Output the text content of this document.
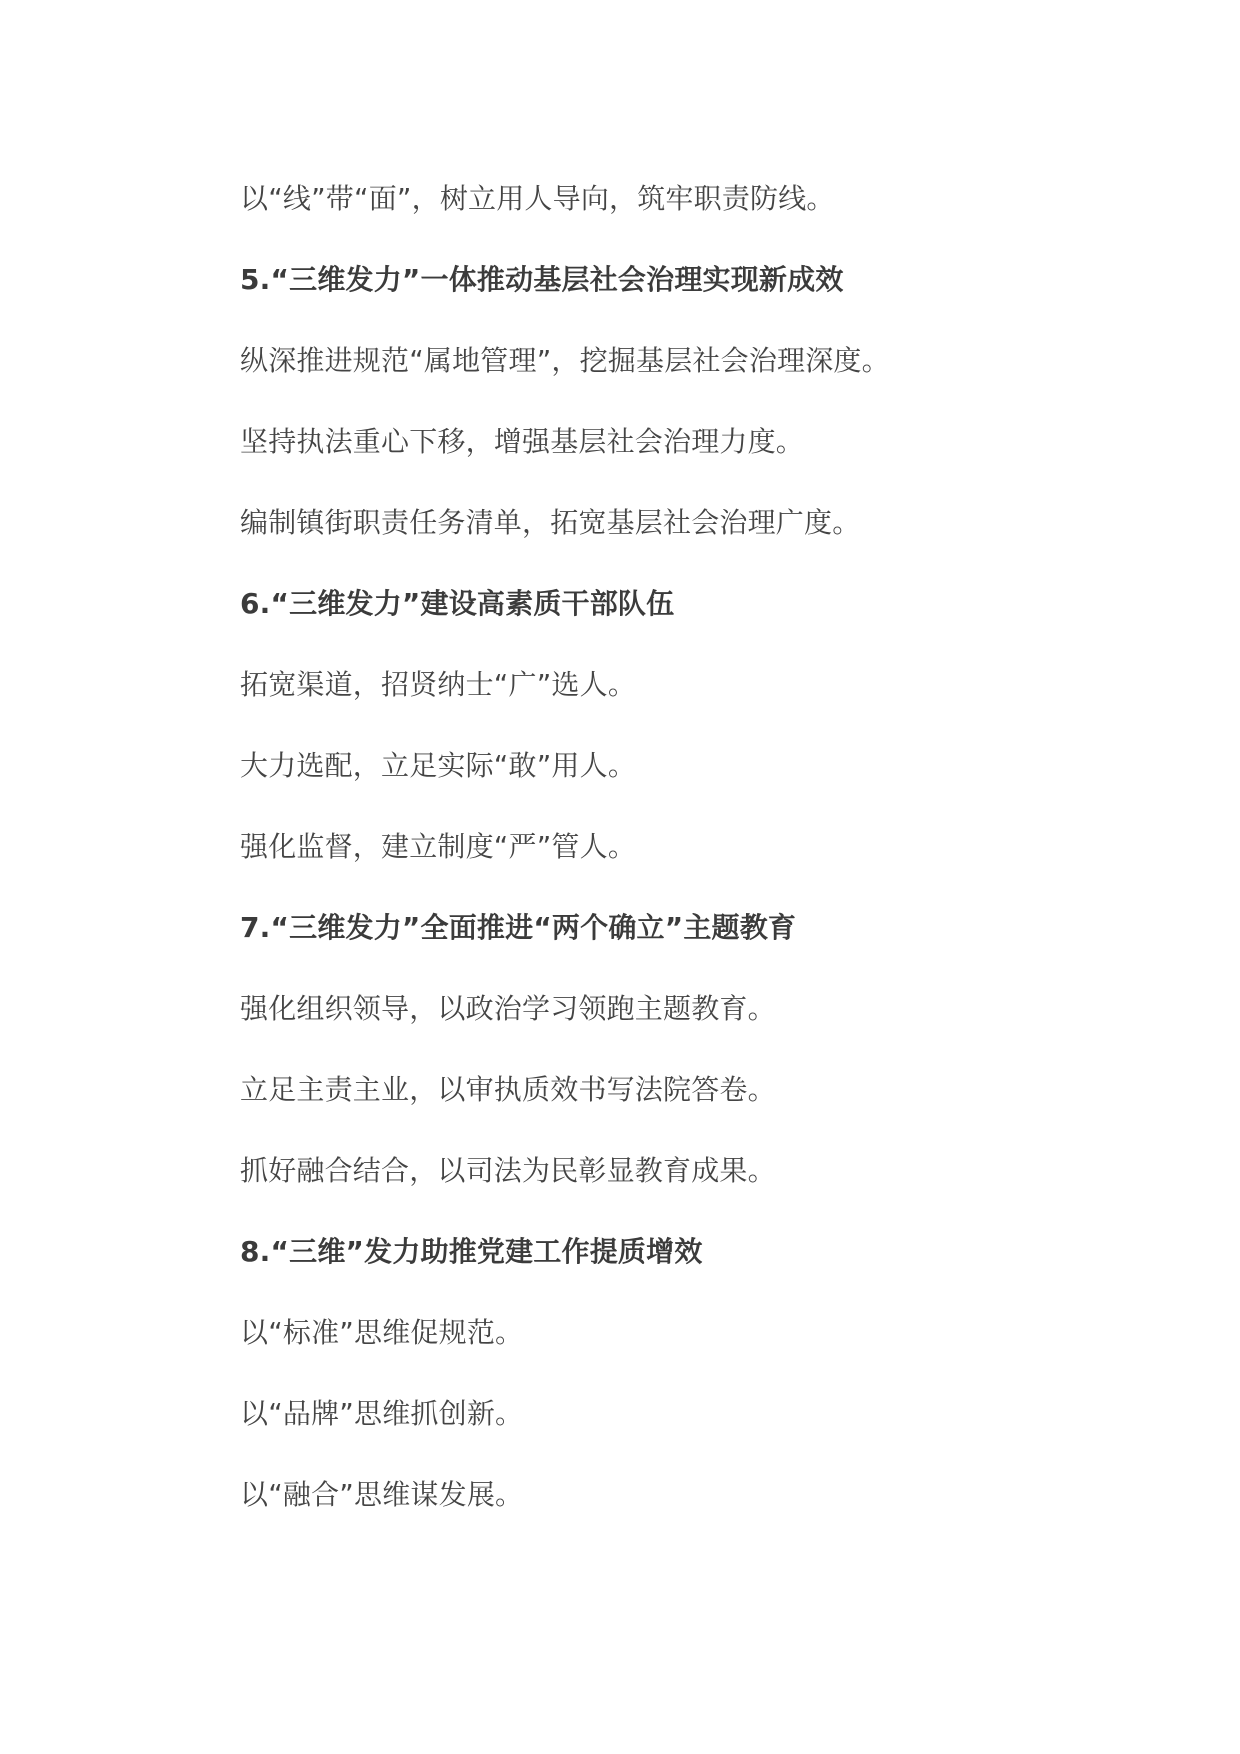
以“线”带“面”，树立用人导向，筑牢职责防线。
5.“三维发力”一体推动基层社会治理实现新成效
纵深推进规范“属地管理”，挖掘基层社会治理深度。
坚持执法重心下移，增强基层社会治理力度。
编制镇街职责任务清单，拓宽基层社会治理广度。
6.“三维发力”建设高素质干部队伍
拓宽渠道，招贤纳士“广”选人。
大力选配，立足实际“敢”用人。
强化监督，建立制度“严”管人。
7.“三维发力”全面推进“两个确立”主题教育
强化组织领导，以政治学习领跑主题教育。
立足主责主业，以审执质效书写法院答卷。
抓好融合结合，以司法为民彰显教育成果。
8.“三维”发力助推党建工作提质增效
以“标准”思维促规范。
以“品牌”思维抓创新。
以“融合”思维谋发展。
